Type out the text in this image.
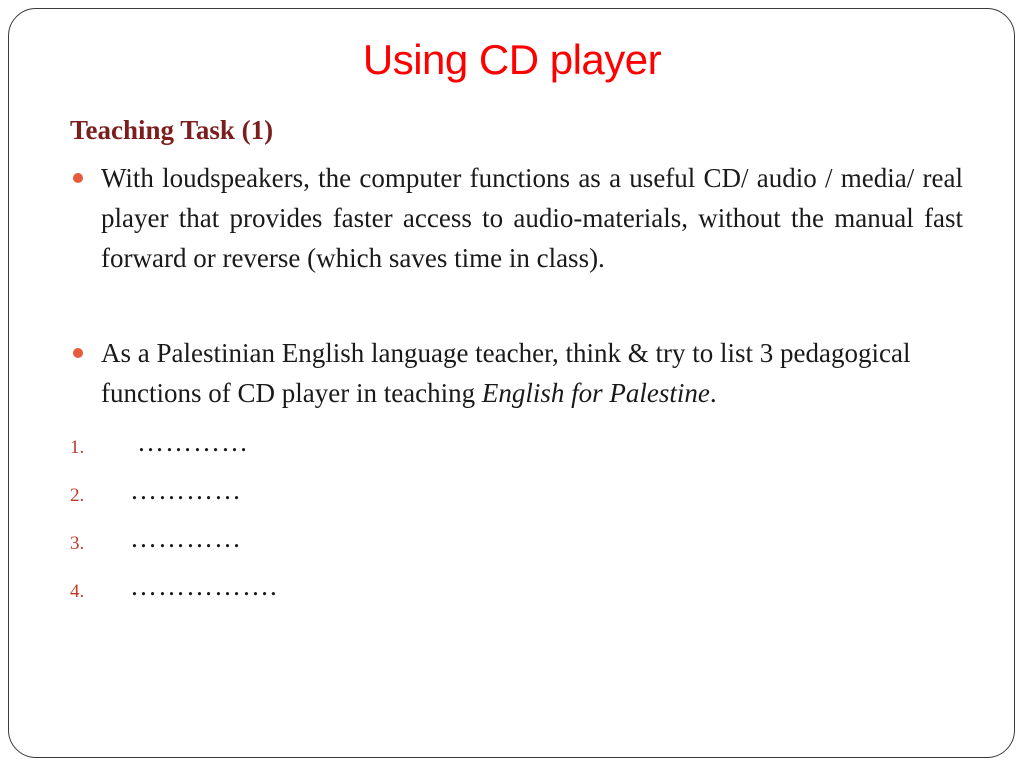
Using CD player
Teaching Task (1)

With loudspeakers, the computer functions as a useful CD/ audio / media/ real player that provides faster access to audio-materials, without the manual fast forward or reverse (which saves time in class).

As a Palestinian English language teacher, think & try to list 3 pedagogical functions of CD player in teaching English for Palestine.

1. …………
2. …………
3. …………
4. …………….
